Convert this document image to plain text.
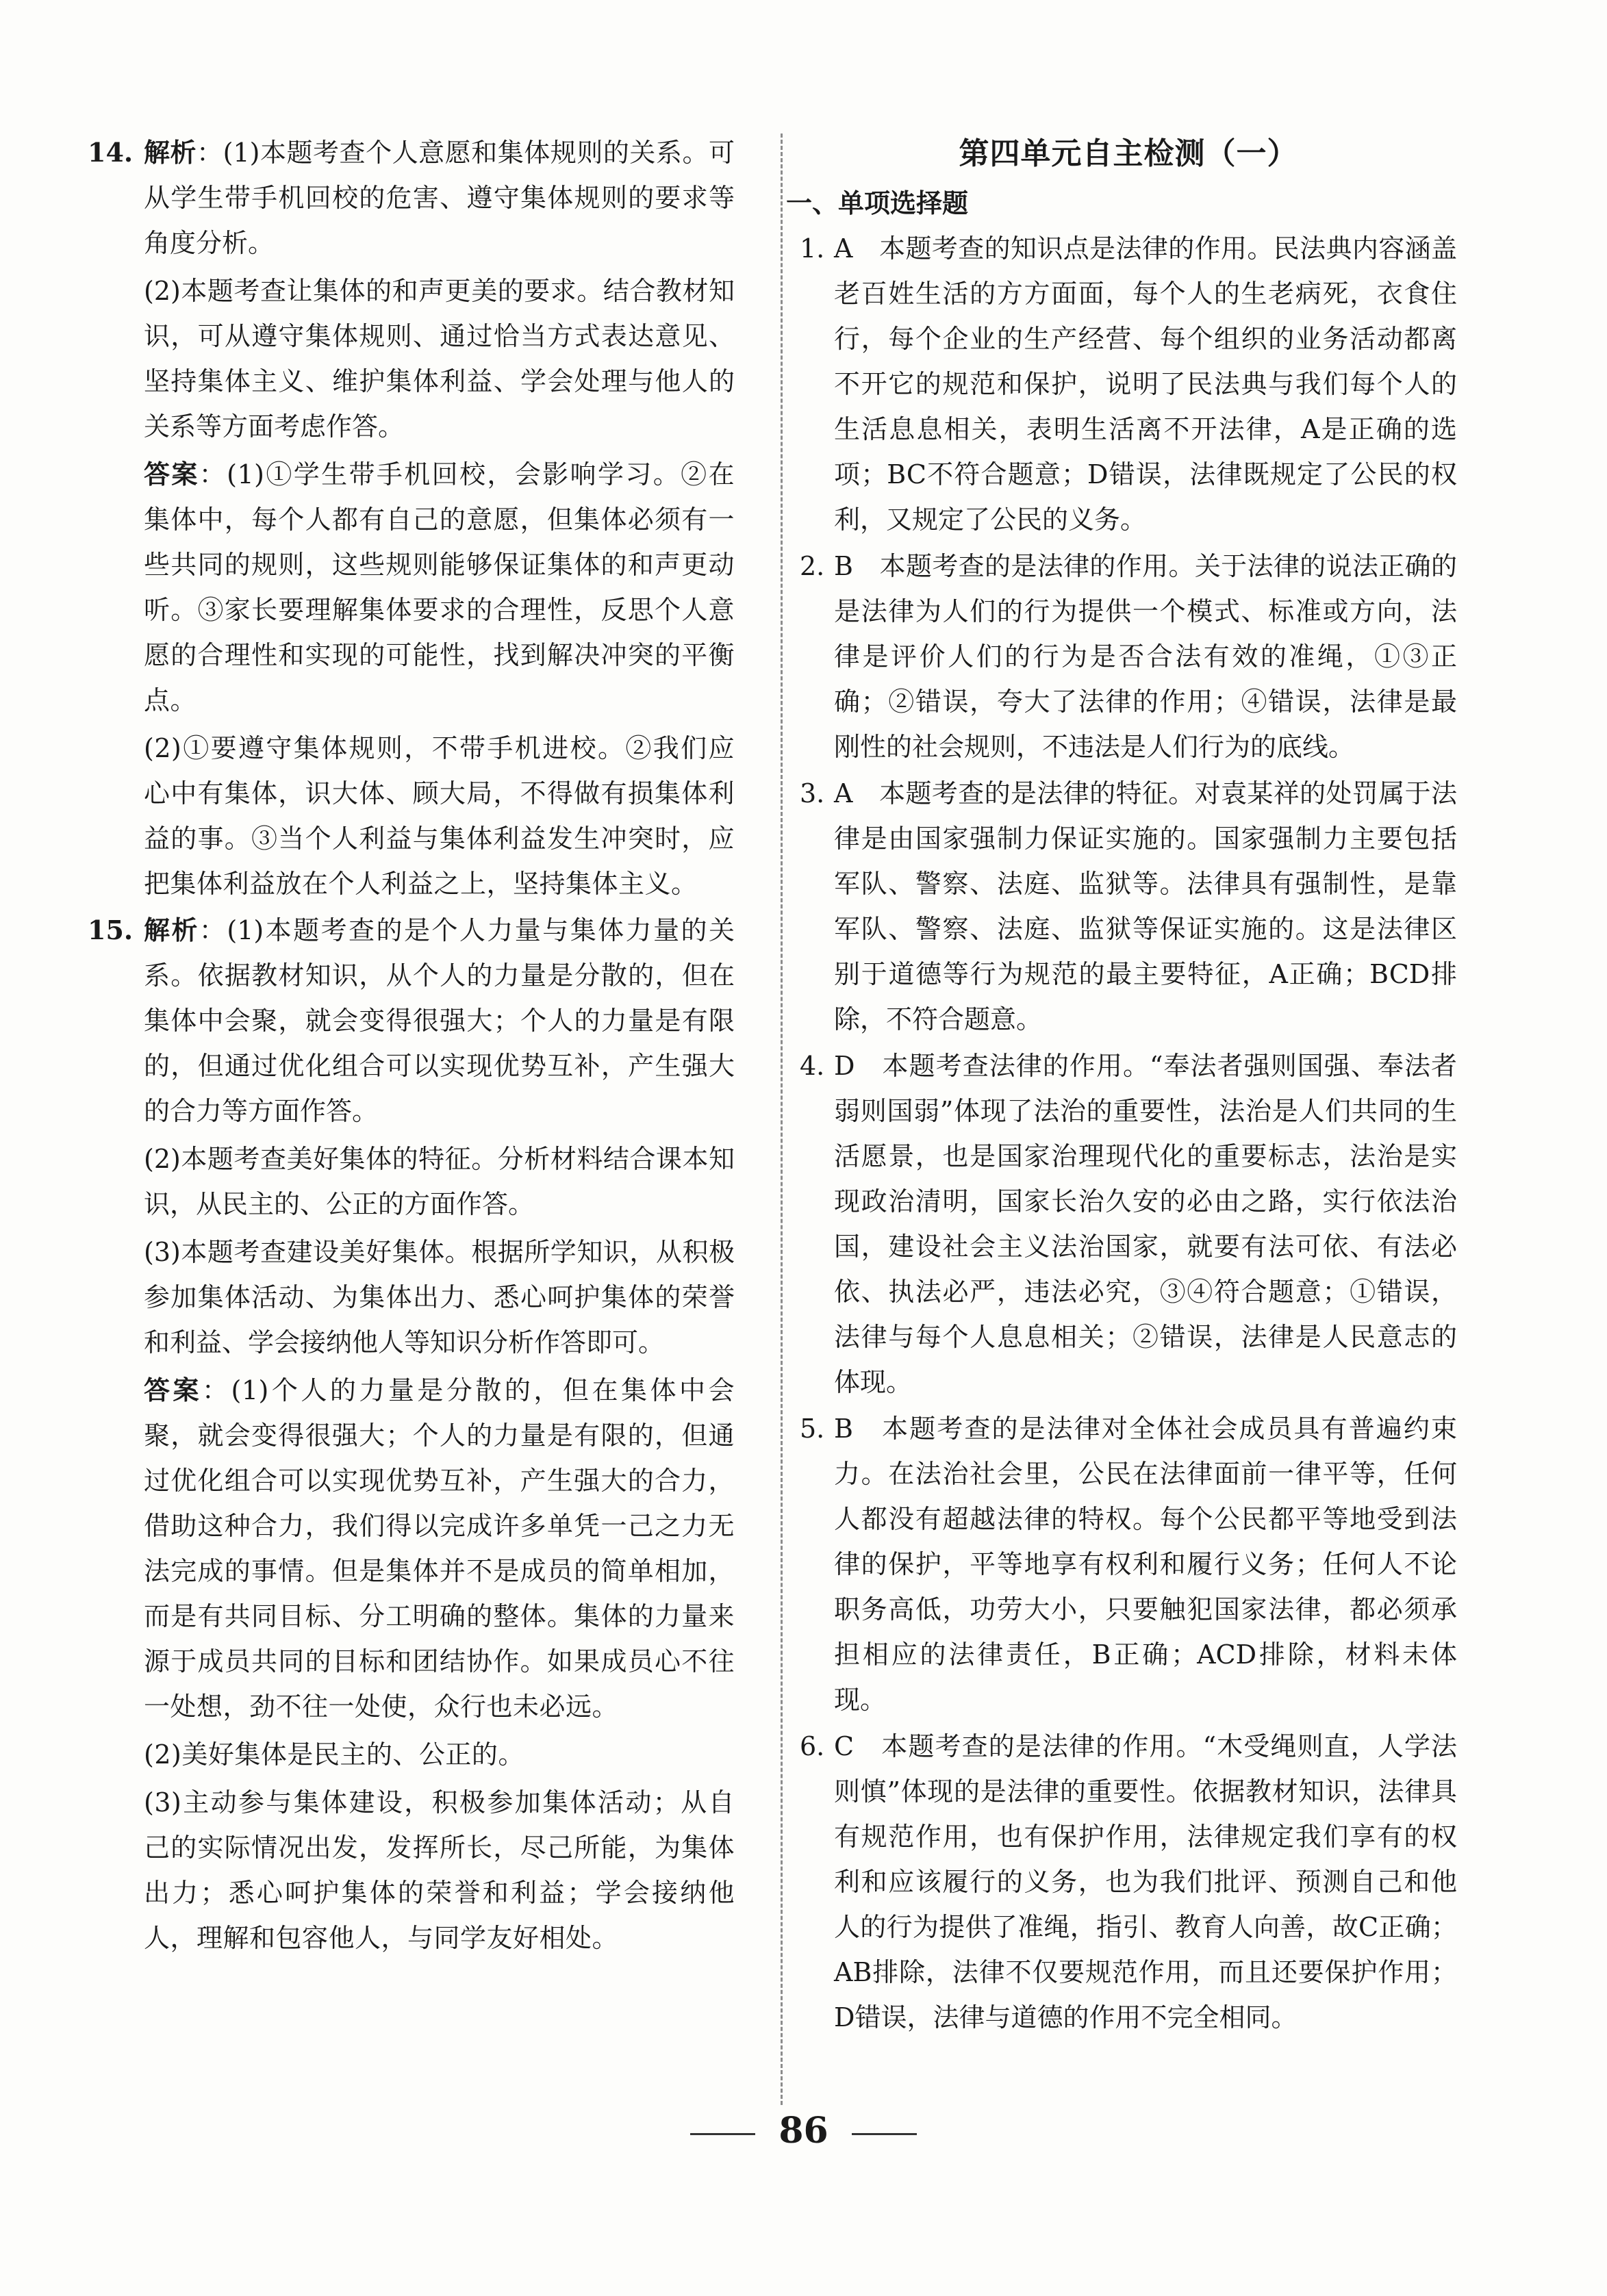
14. 解析：(1)本题考查个人意愿和集体规则的关系。可从学生带手机回校的危害、遵守集体规则的要求等角度分析。

(2)本题考查让集体的和声更美的要求。结合教材知识，可从遵守集体规则、通过恰当方式表达意见、坚持集体主义、维护集体利益、学会处理与他人的关系等方面考虑作答。

答案：(1)①学生带手机回校，会影响学习。②在集体中，每个人都有自己的意愿，但集体必须有一些共同的规则，这些规则能够保证集体的和声更动听。③家长要理解集体要求的合理性，反思个人意愿的合理性和实现的可能性，找到解决冲突的平衡点。

(2)①要遵守集体规则，不带手机进校。②我们应心中有集体，识大体、顾大局，不得做有损集体利益的事。③当个人利益与集体利益发生冲突时，应把集体利益放在个人利益之上，坚持集体主义。

15. 解析：(1)本题考查的是个人力量与集体力量的关系。依据教材知识，从个人的力量是分散的，但在集体中会聚，就会变得很强大；个人的力量是有限的，但通过优化组合可以实现优势互补，产生强大的合力等方面作答。

(2)本题考查美好集体的特征。分析材料结合课本知识，从民主的、公正的方面作答。

(3)本题考查建设美好集体。根据所学知识，从积极参加集体活动、为集体出力、悉心呵护集体的荣誉和利益、学会接纳他人等知识分析作答即可。

答案：(1)个人的力量是分散的，但在集体中会聚，就会变得很强大；个人的力量是有限的，但通过优化组合可以实现优势互补，产生强大的合力，借助这种合力，我们得以完成许多单凭一己之力无法完成的事情。但是集体并不是成员的简单相加，而是有共同目标、分工明确的整体。集体的力量来源于成员共同的目标和团结协作。如果成员心不往一处想，劲不往一处使，众行也未必远。

(2)美好集体是民主的、公正的。

(3)主动参与集体建设，积极参加集体活动；从自己的实际情况出发，发挥所长，尽己所能，为集体出力；悉心呵护集体的荣誉和利益；学会接纳他人，理解和包容他人，与同学友好相处。

第四单元自主检测（一）
一、单项选择题
1. A　本题考查的知识点是法律的作用。民法典内容涵盖老百姓生活的方方面面，每个人的生老病死，衣食住行，每个企业的生产经营、每个组织的业务活动都离不开它的规范和保护，说明了民法典与我们每个人的生活息息相关，表明生活离不开法律，A是正确的选项；BC不符合题意；D错误，法律既规定了公民的权利，又规定了公民的义务。

2. B　本题考查的是法律的作用。关于法律的说法正确的是法律为人们的行为提供一个模式、标准或方向，法律是评价人们的行为是否合法有效的准绳，①③正确；②错误，夸大了法律的作用；④错误，法律是最刚性的社会规则，不违法是人们行为的底线。

3. A　本题考查的是法律的特征。对袁某祥的处罚属于法律是由国家强制力保证实施的。国家强制力主要包括军队、警察、法庭、监狱等。法律具有强制性，是靠军队、警察、法庭、监狱等保证实施的。这是法律区别于道德等行为规范的最主要特征，A正确；BCD排除，不符合题意。

4. D　本题考查法律的作用。“奉法者强则国强、奉法者弱则国弱”体现了法治的重要性，法治是人们共同的生活愿景，也是国家治理现代化的重要标志，法治是实现政治清明，国家长治久安的必由之路，实行依法治国，建设社会主义法治国家，就要有法可依、有法必依、执法必严，违法必究，③④符合题意；①错误，法律与每个人息息相关；②错误，法律是人民意志的体现。

5. B　本题考查的是法律对全体社会成员具有普遍约束力。在法治社会里，公民在法律面前一律平等，任何人都没有超越法律的特权。每个公民都平等地受到法律的保护，平等地享有权利和履行义务；任何人不论职务高低，功劳大小，只要触犯国家法律，都必须承担相应的法律责任，B正确；ACD排除，材料未体现。

6. C　本题考查的是法律的作用。“木受绳则直，人学法则慎”体现的是法律的重要性。依据教材知识，法律具有规范作用，也有保护作用，法律规定我们享有的权利和应该履行的义务，也为我们批评、预测自己和他人的行为提供了准绳，指引、教育人向善，故C正确；AB排除，法律不仅要规范作用，而且还要保护作用；D错误，法律与道德的作用不完全相同。

86
